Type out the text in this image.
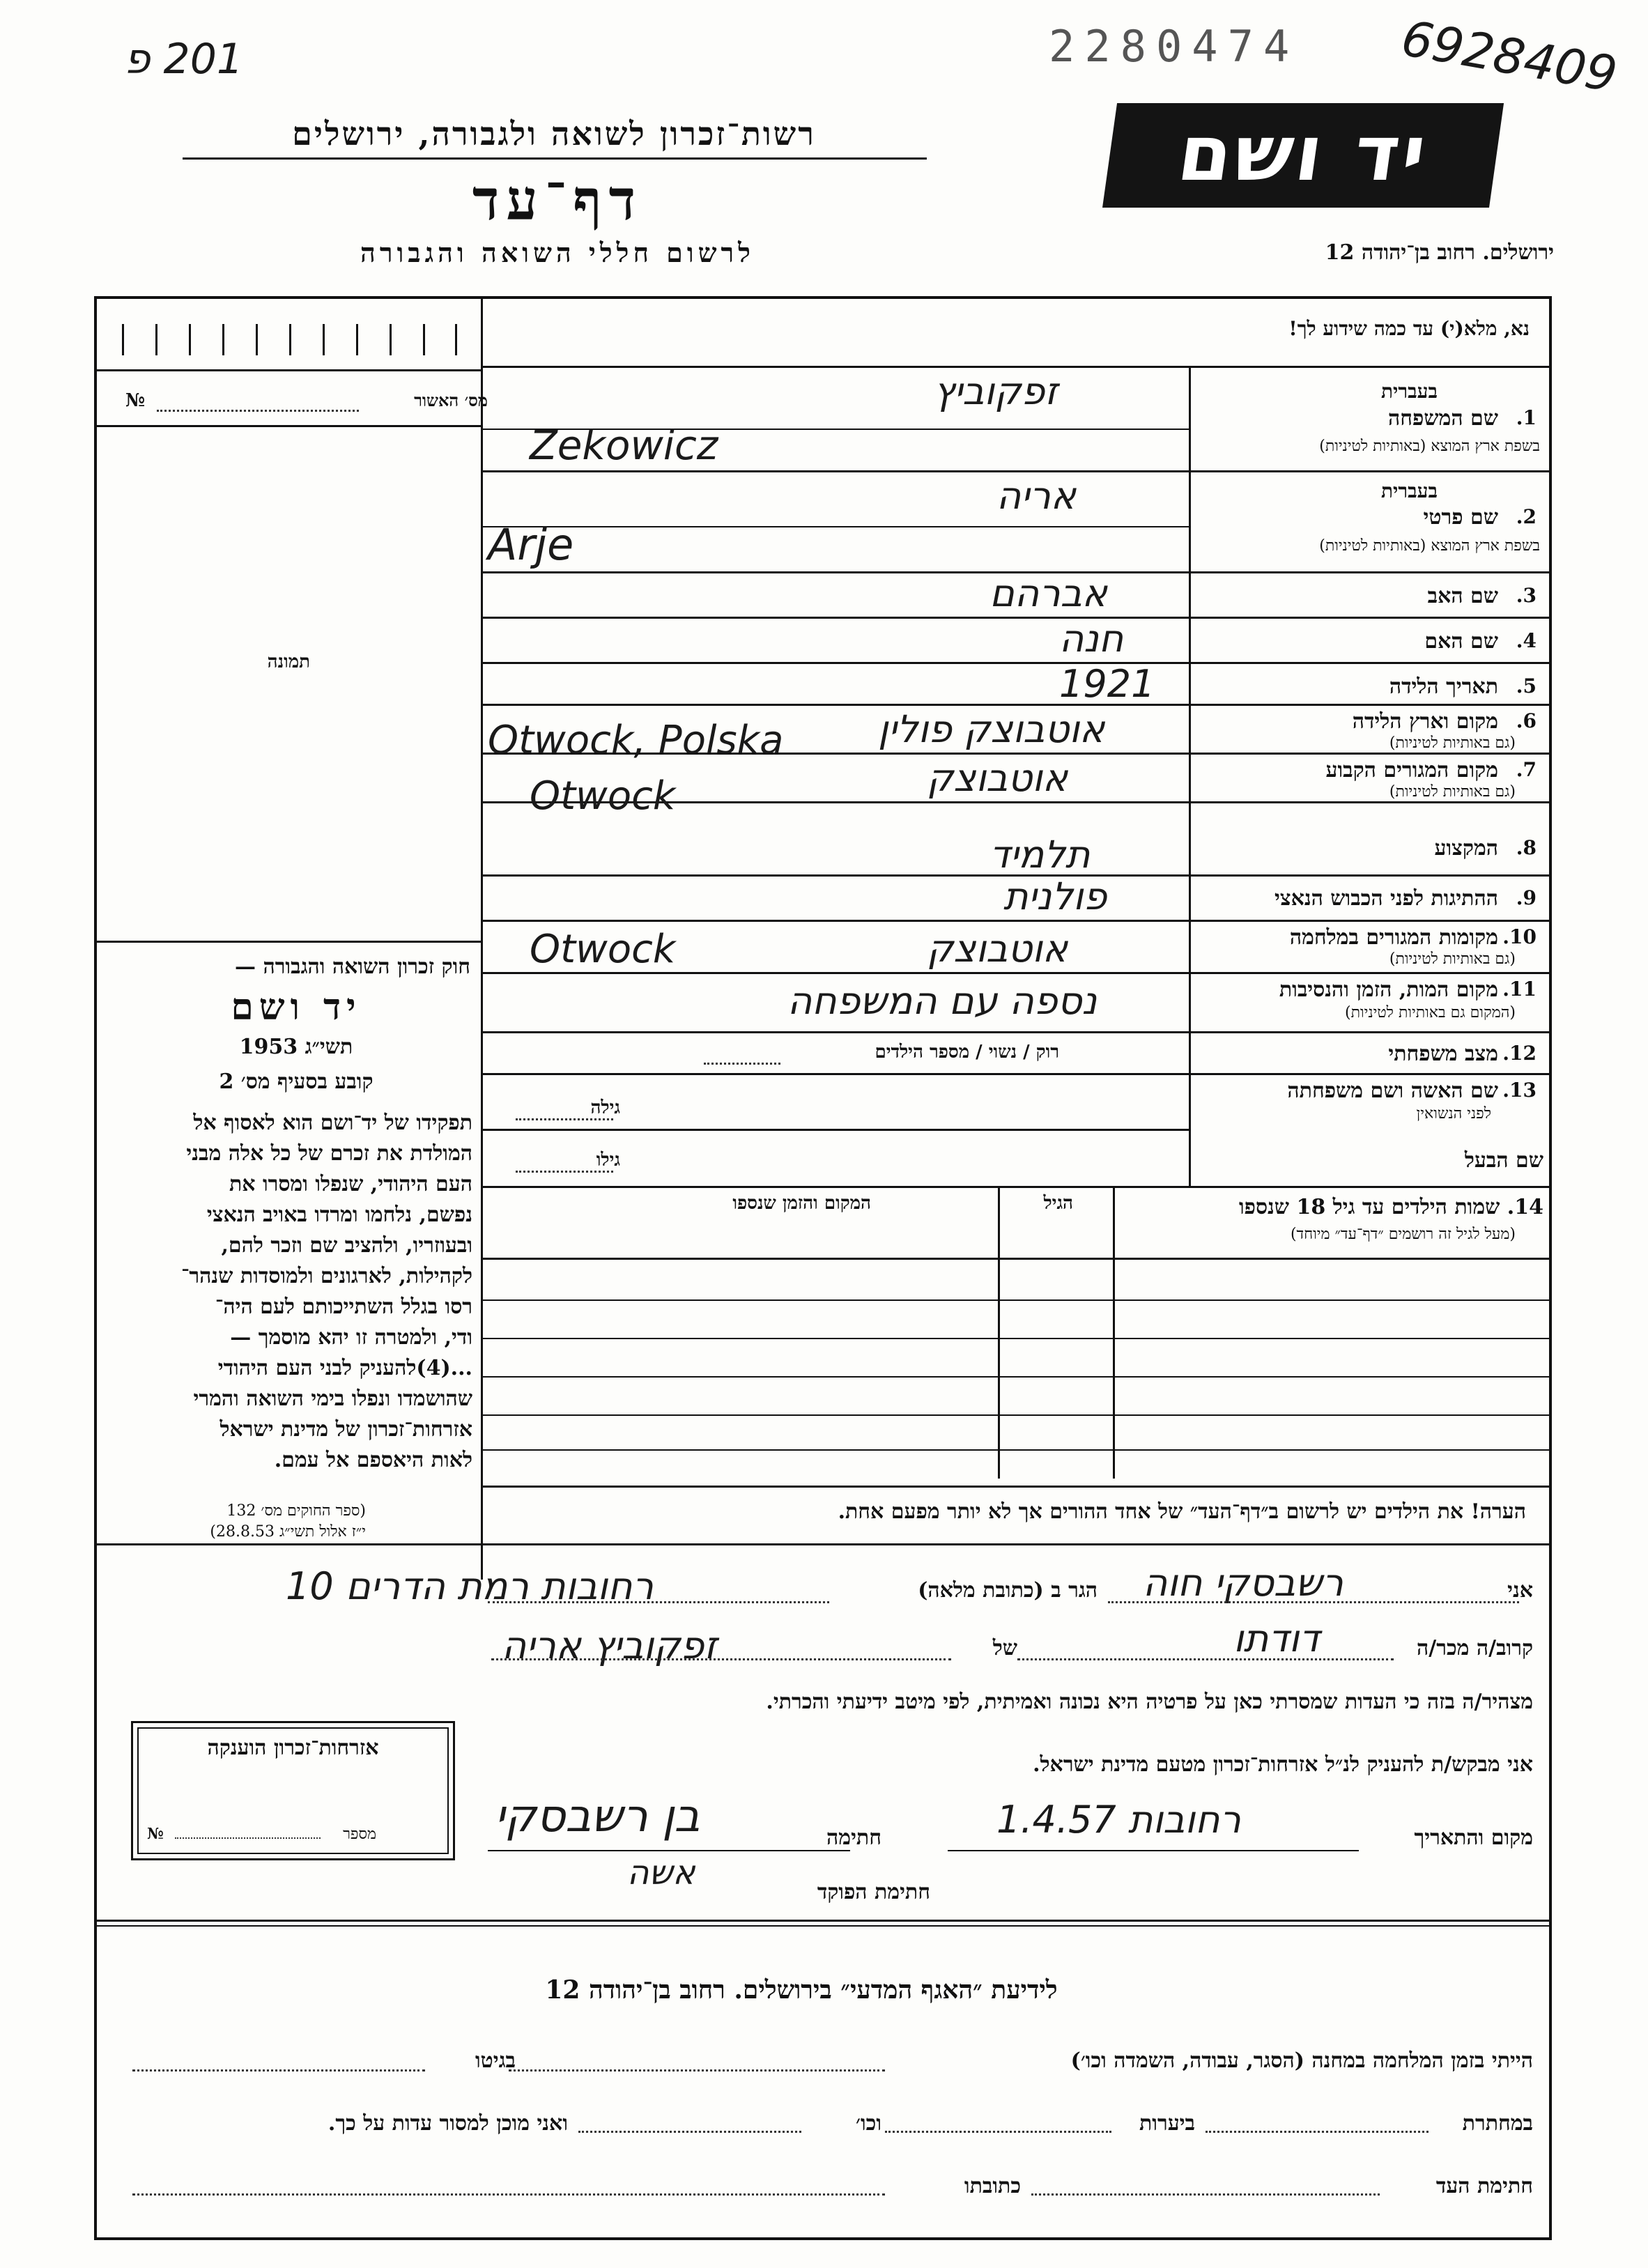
201 פ	2280474 6928409
רשות־זכרון לשואה ולגבורה, ירושלים
דף־עד
לרשום חללי השואה והגבורה
יד ושם
ירושלים. רחוב בן־יהודה 12
נא, מלא(י) עד כמה שידוע לך!
מס׳ האשור
№
תמונה
חוק זכרון השואה והגבורה —
יד ושם
תשי״ג 1953
קובע בסעיף מס׳ 2
תפקידו של יד־ושם הוא לאסוף אל
המולדת את זכרם של כל אלה מבני
העם היהודי, שנפלו ומסרו את
נפשם, נלחמו ומרדו באויב הנאצי
ובעוזריו, ולהציב שם וזכר להם,
לקהילות, לארגונים ולמוסדות שנהר־
רסו בגלל השתייכותם לעם היה־
ודי, ולמטרה זו יהא מוסמך —
...(4)להעניק לבני העם היהודי
שהושמדו ונפלו בימי השואה והמרי
אזרחות־זכרון של מדינת ישראל
לאות היאספם אל עמם.
(ספר החוקים מס׳ 132
י״ז אלול תשי״ג 28.8.53)
בעברית
1.
שם המשפחה
בשפת ארץ המוצא (באותיות לטיניות)
זפקוביץ
Zekowicz
בעברית
2.
שם פרטי
בשפת ארץ המוצא (באותיות לטיניות)
אריה
Arje
3.
שם האב
אברהם
4.
שם האם
חנה
5.
תאריך הלידה
1921
6.
מקום וארץ הלידה
(גם באותיות לטיניות)
אוטבוצק פולין
Otwock, Polska
7.
מקום המגורים הקבוע
(גם באותיות לטיניות)
אוטבוצק
Otwock
8.
המקצוע
תלמיד
9.
ההתיגות לפני הכבוש הנאצי
פולנית
10.
מקומות המגורים במלחמה
(גם באותיות לטיניות)
אוטבוצק
Otwock
11.
מקום המות, הזמן והנסיבות
(המקום גם באותיות לטיניות)
נספה עם המשפחה
12.
מצב משפחתי
רוק / נשוי / מספר הילדים
13.
שם האשה ושם משפחתה
לפני הנשואין
גילה
שם הבעל
גילו
14. שמות הילדים עד גיל 18 שנספו
(מעל לגיל זה רושמים ״דף־עד״ מיוחד)
הגיל
המקום והזמן שנספו
הערה! את הילדים יש לרשום ב״דף־העד״ של אחד ההורים אך לא יותר מפעם אחת.
אני
רשבסקי חוה
הגר ב (כתובת מלאה)
רחובות רמת הדרים 10
קרוב/ה מכר/ה
דודתו
של
זפקוביץ אריה
מצהיר/ה בזה כי העדות שמסרתי כאן על פרטיה היא נכונה ואמיתית, לפי מיטב ידיעתי והכרתי.
אני מבקש/ת להעניק לנ״ל אזרחות־זכרון מטעם מדינת ישראל.
מקום והתאריך
רחובות 1.4.57
חתימה
בן רשבסקי
חתימת הפוקד
אשה
אזרחות־זכרון הוענקה
מספר
№
לידיעת ״האגף המדעי״ בירושלים. רחוב בן־יהודה 12
הייתי בזמן המלחמה במחנה (הסגר, עבודה, השמדה וכו׳)
בגיטו
במחתרת
ביערות
וכו׳
ואני מוכן למסור עדות על כך.
חתימת העד
כתובתו
